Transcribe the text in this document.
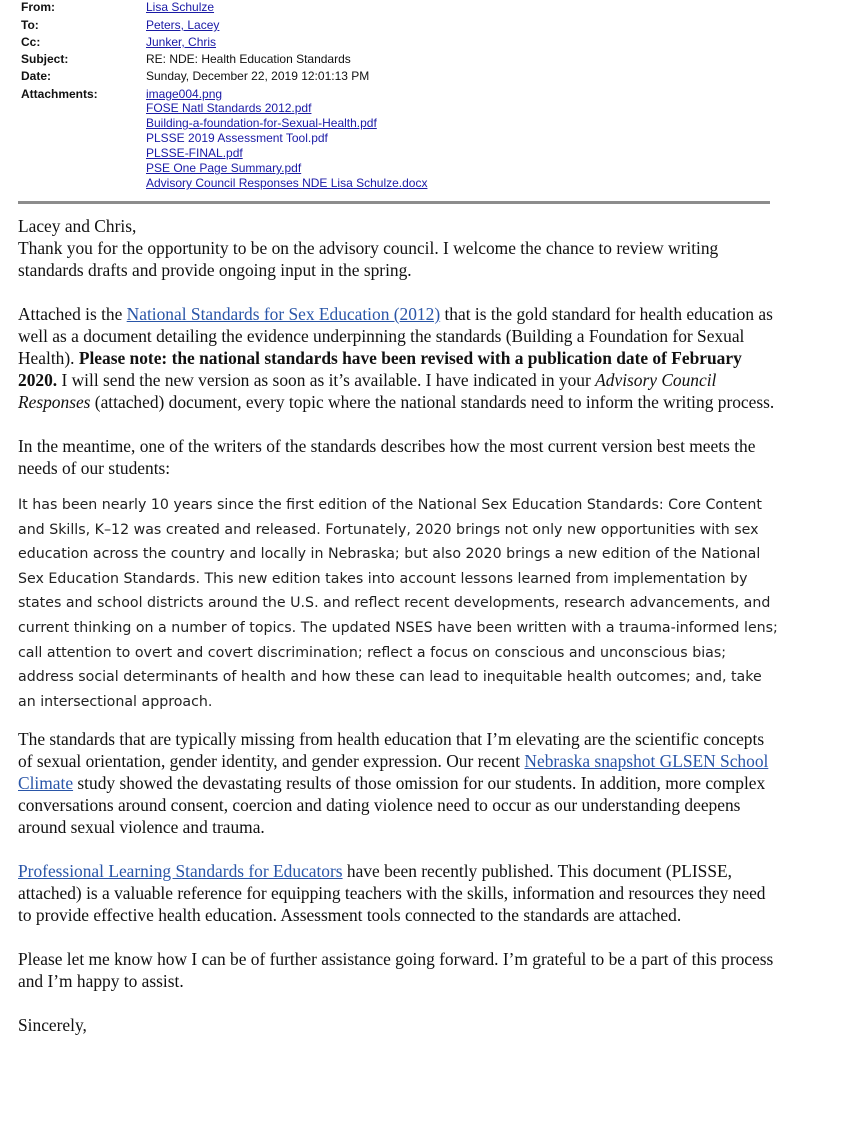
From:	Lisa Schulze
To:	Peters, Lacey
Cc:	Junker, Chris
Subject:	RE: NDE: Health Education Standards
Date:	Sunday, December 22, 2019 12:01:13 PM
Attachments:	image004.png
FOSE Natl Standards 2012.pdf
Building-a-foundation-for-Sexual-Health.pdf
PLSSE 2019 Assessment Tool.pdf
PLSSE-FINAL.pdf
PSE One Page Summary.pdf
Advisory Council Responses NDE Lisa Schulze.docx

Lacey and Chris,

Thank you for the opportunity to be on the advisory council. I welcome the chance to review writing standards drafts and provide ongoing input in the spring.

Attached is the National Standards for Sex Education (2012) that is the gold standard for health education as well as a document detailing the evidence underpinning the standards (Building a Foundation for Sexual Health). Please note: the national standards have been revised with a publication date of February 2020. I will send the new version as soon as it’s available. I have indicated in your Advisory Council Responses (attached) document, every topic where the national standards need to inform the writing process.

In the meantime, one of the writers of the standards describes how the most current version best meets the needs of our students:

It has been nearly 10 years since the first edition of the National Sex Education Standards: Core Content and Skills, K–12 was created and released. Fortunately, 2020 brings not only new opportunities with sex education across the country and locally in Nebraska; but also 2020 brings a new edition of the National Sex Education Standards. This new edition takes into account lessons learned from implementation by states and school districts around the U.S. and reflect recent developments, research advancements, and current thinking on a number of topics. The updated NSES have been written with a trauma-informed lens; call attention to overt and covert discrimination; reflect a focus on conscious and unconscious bias; address social determinants of health and how these can lead to inequitable health outcomes; and, take an intersectional approach.

The standards that are typically missing from health education that I’m elevating are the scientific concepts of sexual orientation, gender identity, and gender expression. Our recent Nebraska snapshot GLSEN School Climate study showed the devastating results of those omission for our students. In addition, more complex conversations around consent, coercion and dating violence need to occur as our understanding deepens around sexual violence and trauma.

Professional Learning Standards for Educators have been recently published. This document (PLISSE, attached) is a valuable reference for equipping teachers with the skills, information and resources they need to provide effective health education. Assessment tools connected to the standards are attached.

Please let me know how I can be of further assistance going forward. I’m grateful to be a part of this process and I’m happy to assist.

Sincerely,
